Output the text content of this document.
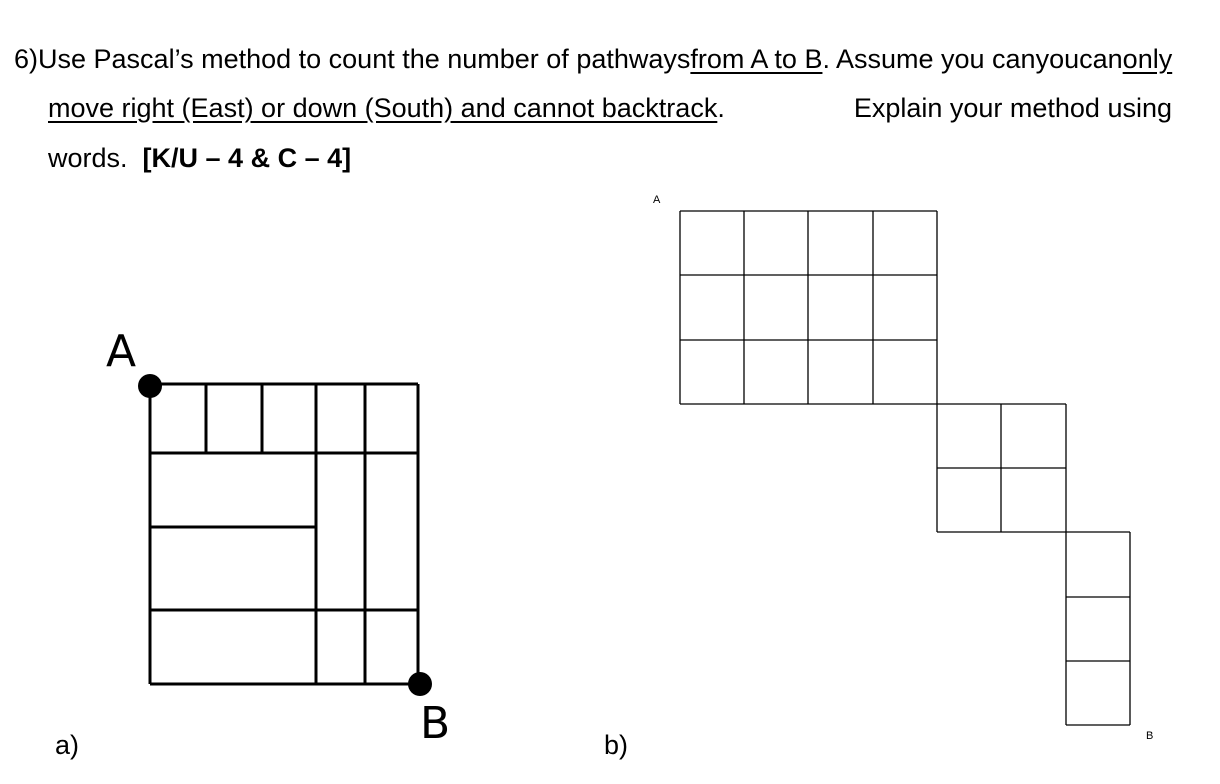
6) Use Pascal’s method to count the number of pathways from A to B . Assume you can you can only
move right (East) or down (South) and cannot backtrack.	Explain your method using
words. [K/U – 4 & C – 4]
A
B
A
B
a)	b)
